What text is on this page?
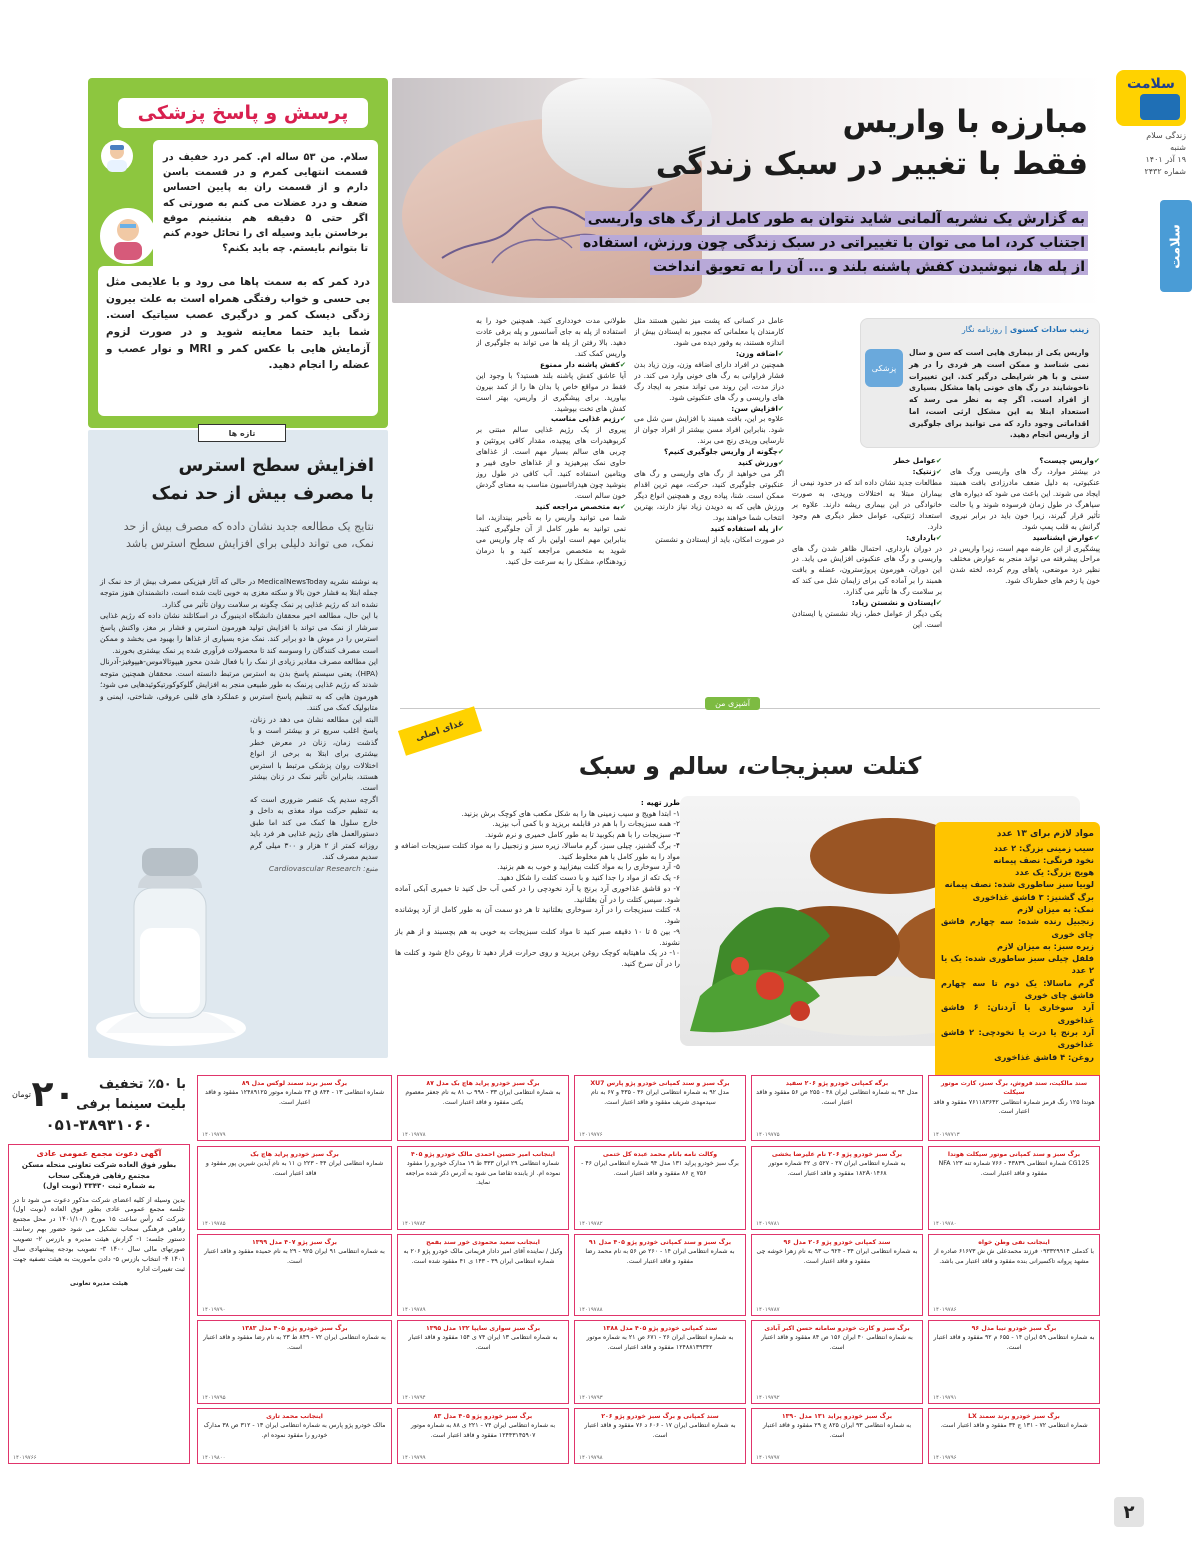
سلامت
زندگی سلام
شنبه
۱۹ آذر ۱۴۰۱
شماره ۲۴۳۲
سلامت
مبارزه با واریس
فقط با تغییر در سبک زندگی
به گزارش یک نشریه آلمانی شاید نتوان به طور کامل از رگ های واریسی اجتناب کرد، اما می توان با تغییراتی در سبک زندگی چون ورزش، استفاده از پله ها، نپوشیدن کفش پاشنه بلند و ... آن را به تعویق انداخت
زینب سادات کسنوی | روزنامه نگار
پزشکی
واریس یکی از بیماری هایی است که سن و سال نمی شناسد و ممکن است هر فردی را در هر سنی و با هر شرایطی درگیر کند. این تغییرات ناخوشایند در رگ های خونی پاها مشکل بسیاری از افراد است. اگر چه به نظر می رسد که استعداد ابتلا به این مشکل ارثی است، اما اقداماتی وجود دارد که می توانید برای جلوگیری از واریس انجام دهید.
✔واریس چیست؟

در بیشتر موارد، رگ های واریسی ورگ های عنکبوتی، به دلیل ضعف مادرزادی بافت همبند ایجاد می شوند. این باعث می شود که دیواره های سیاهرگ در طول زمان فرسوده شوند و یا حالت تأثیر قرار گیرند، زیرا خون باید در برابر نیروی گرانش به قلب پمپ شود.

✔عوارض ایشناسید

پیشگیری از این عارضه مهم است، زیرا واریس در مراحل پیشرفته می تواند منجر به عوارض مختلف نظیر درد موضعی، پاهای ورم کرده، لخته شدن خون یا زخم های خطرناک شود.

✔عوامل خطر
✔ژنتیک:

مطالعات جدید نشان داده اند که در حدود نیمی از بیماران مبتلا به اختلالات وریدی، به صورت خانوادگی در این بیماری ریشه دارند. علاوه بر استعداد ژنتیکی، عوامل خطر دیگری هم وجود دارد.

✔بارداری:

در دوران بارداری، احتمال ظاهر شدن رگ های واریسی و رگ های عنکبوتی افزایش می یابد. در این دوران، هورمون پروژسترون، عضله و بافت همبند را بر آماده کی برای زایمان شل می کند که بر سلامت رگ ها تأثیر می گذارد.

✔ایستادن و نشستن زیاد:

یکی دیگر از عوامل خطر، زیاد نشستن یا ایستادن است. این

عامل در کسانی که پشت میز نشین هستند مثل کارمندان یا معلمانی که مجبور به ایستادن بیش از اندازه هستند، به وفور دیده می شود.

✔اضافه وزن:

همچنین در افراد دارای اضافه وزن، وزن زیاد بدن فشار فراوانی به رگ های خونی وارد می کند. در دراز مدت، این روند می تواند منجر به ایجاد رگ های واریسی و رگ های عنکبوتی شود.

✔افزایش سن:

علاوه بر این، بافت همبند با افزایش سن شل می شود. بنابراین افراد مسن بیشتر از افراد جوان از نارسایی وریدی رنج می برند.

✔چگونه از واریس جلوگیری کنیم؟
✔ورزش کنید

اگر می خواهید از رگ های واریسی و رگ های عنکبوتی جلوگیری کنید، حرکت، مهم ترین اقدام ممکن است. شنا، پیاده روی و همچنین انواع دیگر ورزش هایی که به دویدن زیاد نیاز دارند، بهترین انتخاب شما خواهند بود.

✔از پله استفاده کنید

در صورت امکان، باید از ایستادن و نشستن

طولانی مدت خودداری کنید. همچنین خود را به استفاده از پله به جای آسانسور و پله برقی عادت دهید. بالا رفتن از پله ها می تواند به جلوگیری از واریس کمک کند.

✔کفش پاشنه دار ممنوع

آیا عاشق کفش پاشنه بلند هستید؟ با وجود این فقط در مواقع خاص پا بدان ها را از کمد بیرون بیاورید. برای پیشگیری از واریس، بهتر است کفش های تخت بپوشید.

✔رژیم غذایی مناسب

پیروی از یک رژیم غذایی سالم مبتنی بر کربوهیدرات های پیچیده، مقدار کافی پروتئین و چربی های سالم بسیار مهم است. از غذاهای حاوی نمک بپرهیزید و از غذاهای حاوی فیبر و ویتامین استفاده کنید. آب کافی در طول روز بنوشید چون هیدراتاسیون مناسب به معنای گردش خون سالم است.

✔به متخصص مراجعه کنید

شما می توانید واریس را به تأخیر بیندازید، اما نمی توانید به طور کامل از آن جلوگیری کنید. بنابراین مهم است اولین بار که چار واریس می شوید به متخصص مراجعه کنید و با درمان زودهنگام، مشکل را به سرعت حل کنید.

آشپزی من
غذای اصلی
کتلت سبزیجات، سالم و سبک
طرز تهیه :
۱- ابتدا هویج و سیب زمینی ها را به شکل مکعب های کوچک برش بزنید.
۲- همه سبزیجات را با هم در قابلمه بریزید و با کمی آب بپزید.
۳- سبزیجات را با هم بکوبید تا به طور کامل خمیری و نرم شوند.
۴- برگ گشنیز، چیلی سبز، گرم ماسالا، زیره سبز و زنجبیل را به مواد کتلت سبزیجات اضافه و مواد را به طور کامل با هم مخلوط کنید.
۵- آرد سوخاری را به مواد کتلت بیفزایید و خوب به هم بزنید.
۶- یک تکه از مواد را جدا کنید و با دست کتلت را شکل دهید.
۷- دو قاشق غذاخوری آرد برنج یا آرد نخودچی را در کمی آب حل کنید تا خمیری آبکی آماده شود. سپس کتلت را در آن بغلتانید.
۸- کتلت سبزیجات را در آرد سوخاری بغلتانید تا هر دو سمت آن به طور کامل از آرد پوشانده شود.
۹- بین ۵ تا ۱۰ دقیقه صبر کنید تا مواد کتلت سبزیجات به خوبی به هم بچسبند و از هم باز نشوند.
۱۰- در یک ماهیتابه کوچک روغن بریزید و روی حرارت قرار دهید تا روغن داغ شود و کتلت ها را در آن سرخ کنید.
مواد لازم برای ۱۳ عدد
سیب زمینی بزرگ: ۲ عدد
نخود فرنگی: نصف پیمانه
هویج بزرگ: یک عدد
لوبیا سبز ساطوری شده: نصف پیمانه
برگ گشنیز: ۳ قاشق غذاخوری
نمک: به میزان لازم
زنجبیل رنده شده: سه چهارم قاشق چای خوری
زیره سبز: به میزان لازم
فلفل چیلی سبز ساطوری شده: یک یا ۲ عدد
گرم ماسالا: یک دوم تا سه چهارم قاشق چای خوری
آرد سوخاری یا آردنان: ۶ قاشق غذاخوری
آرد برنج یا درت یا نخودچی: ۲ قاشق غذاخوری
روغن: ۴ قاشق غذاخوری
پرسش و پاسخ پزشکی
سلام. من ۵۳ ساله ام. کمر درد خفیف در قسمت انتهایی کمرم و در قسمت باسن دارم و از قسمت ران به پایین احساس ضعف و درد عضلات می کنم به صورتی که اگر حتی ۵ دقیقه هم بنشینم موقع برخاستن باید وسیله ای را تحائل خودم کنم تا بتوانم بایستم. چه باید بکنم؟
درد کمر که به سمت پاها می رود و با علایمی مثل بی حسی و خواب رفتگی همراه است به علت بیرون زدگی دیسک کمر و درگیری عصب سیاتیک است. شما باید حتما معاینه شوید و در صورت لزوم آزمایش هایی با عکس کمر و MRI و نوار عصب و عضله را انجام دهید.
تازه ها
افزایش سطح استرس
با مصرف بیش از حد نمک
نتایج یک مطالعه جدید نشان داده که مصرف بیش از حد نمک، می تواند دلیلی برای افزایش سطح استرس باشد

به نوشته نشریه MedicalNewsToday در حالی که آثار فیزیکی مصرف بیش از حد نمک از جمله ابتلا به فشار خون بالا و سکته مغزی به خوبی ثابت شده است، دانشمندان هنوز متوجه نشده اند که رژیم غذایی پر نمک چگونه بر سلامت روان تأثیر می گذارد.

با این حال، مطالعه اخیر محققان دانشگاه ادینبورگ در اسکاتلند نشان داده که رژیم غذایی سرشار از نمک می تواند با افزایش تولید هورمون استرس و فشار بر مغز، واکنش پاسخ استرس را در موش ها دو برابر کند. نمک مزه بسیاری از غذاها را بهبود می بخشد و ممکن است مصرف کنندگان را وسوسه کند تا محصولات فرآوری شده پر نمک بیشتری بخورند.

این مطالعه مصرف مقادیر زیادی از نمک را با فعال شدن محور هیپوتالاموس-هیپوفیز-آدرنال (HPA)، یعنی سیستم پاسخ بدن به استرس مرتبط دانسته است. محققان همچنین متوجه شدند که رژیم غذایی پرنمک به طور طبیعی منجر به افزایش گلوکوکورتیکوئیدهایی می شود؛ هورمون هایی که به تنظیم پاسخ استرس و عملکرد های قلبی عروقی، شناختی، ایمنی و متابولیک کمک می کنند.

البته این مطالعه نشان می دهد در زنان، پاسخ اغلب سریع تر و بیشتر است و با گذشت زمان، زنان در معرض خطر بیشتری برای ابتلا به برخی از انواع اختلالات روان پزشکی مرتبط با استرس هستند، بنابراین تأثیر نمک در زنان بیشتر است.

اگرچه سدیم یک عنصر ضروری است که به تنظیم حرکت مواد مغذی به داخل و خارج سلول ها کمک می کند اما طبق دستورالعمل های رژیم غذایی هر فرد باید روزانه کمتر از ۲ هزار و ۳۰۰ میلی گرم سدیم مصرف کند.

منبع: Cardiovascular Research

با ۵۰٪ تخفیف
بلیت سینما برفی
۲۰
تومان
۰۵۱-۳۸۹۳۱۰۶۰
آگهی دعوت مجمع عمومی عادی
بطور فوق العاده شرکت تعاونی منحله مسکن مجتمع رفاهی فرهنگی سحاب
به شماره ثبت ۳۳۴۳۰ (نوبت اول)
بدین وسیله از کلیه اعضای شرکت مذکور دعوت می شود تا در جلسه مجمع عمومی عادی بطور فوق العاده (نوبت اول) شرکت که رأس ساعت ۱۵ مورخ ۱۴۰۱/۱۰/۱ در محل مجتمع رفاهی فرهنگی سحاب تشکیل می شود حضور بهم رسانند. دستور جلسه: ۱- گزارش هیئت مدیره و بازرس ۲- تصویب صورتهای مالی سال ۱۴۰۰ ۳- تصویب بودجه پیشنهادی سال ۱۴۰۱ ۴- انتخاب بازرس ۵- دادن ماموریت به هیئت تصفیه جهت ثبت تغییرات اداره
هیئت مدیره تعاونی
۱۴۰۱۹۷۶۶
سند مالکیت، سند فروش، برگ سبز، کارت موتور سیکلت
هوندا ۱۲۵ رنگ قرمز شماره انتظامی ۷۶۱۱۸۳۶۴۲ مفقود و فاقد اعتبار است.
۱۴۰۱۹۷۷۱۳
برگه کمپانی خودرو پژو ۲۰۶ سفید
مدل ۹۴ به شماره انتظامی ایران ۴۸ - ۲۵۵ ص ۵۶ مفقود و فاقد اعتبار است.
۱۴۰۱۹۷۷۵
برگ سبز و سند کمپانی خودرو پژو پارس XU7
مدل ۹۲ به شماره انتظامی ایران ۳۶ - ۴۳۵ و ۶۷ به نام سیدمهدی شریف مفقود و فاقد اعتبار است.
۱۴۰۱۹۷۷۶
برگ سبز خودرو پراید هاچ بک مدل ۸۷
به شماره انتظامی ایران ۳۳ - ۹۹۸ ب ۸۱ به نام جعفر معصوم یکتی مفقود و فاقد اعتبار است.
۱۴۰۱۹۷۷۸
برگ سبز برند سمند لوکس مدل ۸۹
شماره انتظامی ۱۳ - ۸۴۴ ق ۲۴ شماره موتور ۱۲۴۸۹۱۲۵ مفقود و فاقد اعتبار است.
۱۴۰۱۹۷۷۹
برگ سبز و سند کمپانی موتور سیکلت هوندا
CG125 شماره انتظامی ۴۳۸۳۹ - ۷۶۶ شماره تنه NFA ۱۲۳ مفقود و فاقد اعتبار است.
۱۴۰۱۹۷۸۰
برگ سبز خودرو پژو ۲۰۶ نام علیرضا بخشی
به شماره انتظامی ایران ۲۷ - ۵۲۷ ی ۴۲ شماره موتور ۱۸۲A۰۱۴۶۸ مفقود و فاقد اعتبار است.
۱۴۰۱۹۷۸۱
وکالت نامه بانام محمد عبده کل ختمی
برگ سبز خودرو پراید ۱۳۱ مدل ۹۴ شماره انتظامی ایران ۴۶ - ۷۵۶ ج ۸۶ مفقود و فاقد اعتبار است.
۱۴۰۱۹۷۸۲
اینجانب امیر حسین احمدی مالک خودرو پژو ۴۰۵
شماره انتظامی ۲۹ ایران ۳۳۳ ط ۱۹ مدارک خودرو را مفقود نموده ام. از یابنده تقاضا می شود به آدرس ذکر شده مراجعه نماید.
۱۴۰۱۹۷۸۴
برگ سبز خودرو پراید هاچ بک
شماره انتظامی ایران ۴۴ - ۲۲۳ ن ۱۱ به نام آیدین شیرین پور مفقود و فاقد اعتبار است.
۱۴۰۱۹۷۸۵
اینجانب نفی وطن خواه
با کدملی ۰۹۳۳۲۹۹۱۴ فرزند محمدعلی ش ش ۶۱۶۷۳ صادره از مشهد پروانه تاکسیرانی بنده مفقود و فاقد اعتبار می باشد.
۱۴۰۱۹۷۸۶
سند کمپانی خودرو پژو ۲۰۶ مدل ۹۶
به شماره انتظامی ایران ۳۴ - ۹۲۴ ب ۹۳ به نام زهرا خوشه چی مفقود و فاقد اعتبار است.
۱۴۰۱۹۷۸۷
برگ سبز و سند کمپانی خودرو پژو ۴۰۵ مدل ۹۱
به شماره انتظامی ایران ۱۴ - ۲۶۰ ص ۵۶ به نام محمد رضا مفقود و فاقد اعتبار است.
۱۴۰۱۹۷۸۸
اینجانب سعید محمودی خور سند بفمح
وکیل / نماینده آقای امیر دادار فریمانی مالک خودرو پژو ۲۰۶ به شماره انتظامی ایران ۳۹ - ۱۴۳ ی ۴۱ مفقود شده است.
۱۴۰۱۹۷۸۹
برگ سبز پژو ۴۰۷ مدل ۱۳۹۹
به شماره انتظامی ۹۱ ایران ۹۲۵ - ۲۹ به نام حمیده مفقود و فاقد اعتبار است.
۱۴۰۱۹۷۹۰
برگ سبز خودرو تیبا مدل ۹۶
به شماره انتظامی ۵۹ ایران ۱۴ - ۶۵۵ م ۹۲ مفقود و فاقد اعتبار است.
۱۴۰۱۹۷۹۱
برگ سبز و کارت خودرو سامانه حسن اکبر آبادی
به شماره انتظامی ۴۰ ایران ۱۵۶ ص ۸۴ مفقود و فاقد اعتبار است.
۱۴۰۱۹۷۹۲
سند کمپانی خودرو پژو ۴۰۵ مدل ۱۳۸۸
به شماره انتظامی ایران ۲۶ - ۶۷۱ ص ۲۱ به شماره موتور ۱۲۴۸۸۱۳۹۳۴۲ مفقود و فاقد اعتبار است.
۱۴۰۱۹۷۹۳
برگ سبز سواری سایپا ۱۳۲ مدل ۱۳۹۵
به شماره انتظامی ۱۳ ایران ۷۴ ی ۱۵۴ مفقود و فاقد اعتبار است.
۱۴۰۱۹۷۹۴
برگ سبز خودرو پژو ۴۰۵ مدل ۱۳۸۳
به شماره انتظامی ایران ۷۲ - ۸۴۹ ط ۲۳ به نام رضا مفقود و فاقد اعتبار است.
۱۴۰۱۹۷۹۵
برگ سبز خودرو برند سمند LX
شماره انتظامی ۷۲ - ۱۳۱ ج ۳۴ مفقود و فاقد اعتبار است.
۱۴۰۱۹۷۹۶
برگ سبز خودرو پراید ۱۳۱ مدل ۱۳۹۰
به شماره انتظامی ۹۳ ایران ۸۲۵ ج ۲۹ مفقود و فاقد اعتبار است.
۱۴۰۱۹۷۹۷
سند کمپانی و برگ سبز خودرو پژو ۲۰۶
به شماره انتظامی ایران ۱۷ - ۶۰۶ د ۷۶ مفقود و فاقد اعتبار است.
۱۴۰۱۹۷۹۸
برگ سبز خودرو پژو ۴۰۵ مدل ۸۳
به شماره انتظامی ایران ۷۴ - ۲۲۱ ی ۸۸ به شماره موتور ۱۲۴۴۳۱۴۵۹۰۷ مفقود و فاقد اعتبار است.
۱۴۰۱۹۷۹۹
اینجانب محمد تاری
مالک خودرو پژو پارس به شماره انتظامی ایران ۱۳ - ۳۱۲ ص ۳۸ مدارک خودرو را مفقود نموده ام.
۱۴۰۱۹۸۰۰
۲
